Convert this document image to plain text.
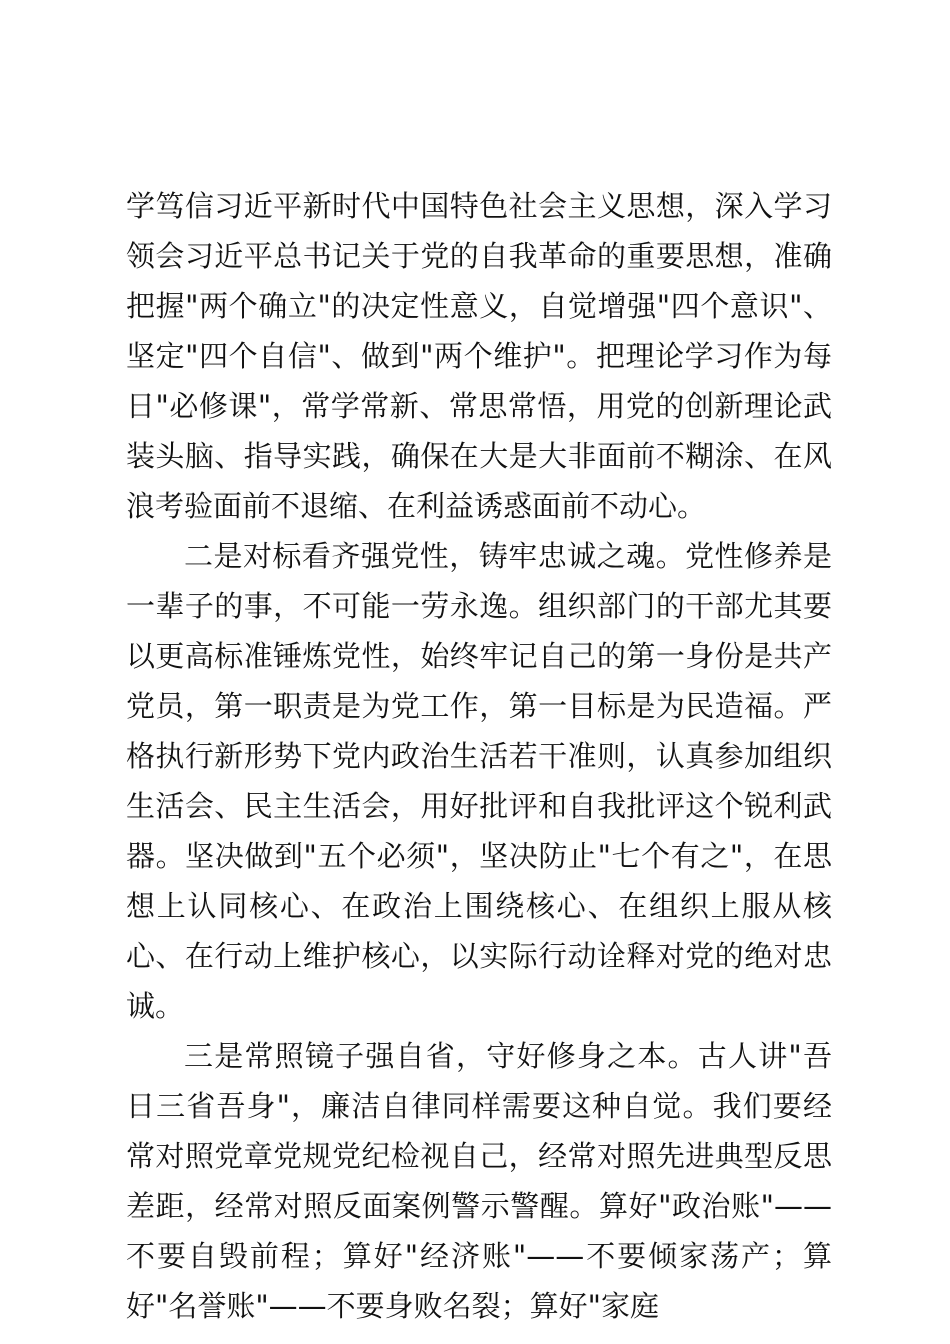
学笃信习近平新时代中国特色社会主义思想，深入学习领会习近平总书记关于党的自我革命的重要思想，准确把握"两个确立"的决定性意义，自觉增强"四个意识"、坚定"四个自信"、做到"两个维护"。把理论学习作为每日"必修课"，常学常新、常思常悟，用党的创新理论武装头脑、指导实践，确保在大是大非面前不糊涂、在风浪考验面前不退缩、在利益诱惑面前不动心。

二是对标看齐强党性，铸牢忠诚之魂。党性修养是一辈子的事，不可能一劳永逸。组织部门的干部尤其要以更高标准锤炼党性，始终牢记自己的第一身份是共产党员，第一职责是为党工作，第一目标是为民造福。严格执行新形势下党内政治生活若干准则，认真参加组织生活会、民主生活会，用好批评和自我批评这个锐利武器。坚决做到"五个必须"，坚决防止"七个有之"，在思想上认同核心、在政治上围绕核心、在组织上服从核心、在行动上维护核心，以实际行动诠释对党的绝对忠诚。

三是常照镜子强自省，守好修身之本。古人讲"吾日三省吾身"，廉洁自律同样需要这种自觉。我们要经常对照党章党规党纪检视自己，经常对照先进典型反思差距，经常对照反面案例警示警醒。算好"政治账"——不要自毁前程；算好"经济账"——不要倾家荡产；算好"名誉账"——不要身败名裂；算好"家庭
